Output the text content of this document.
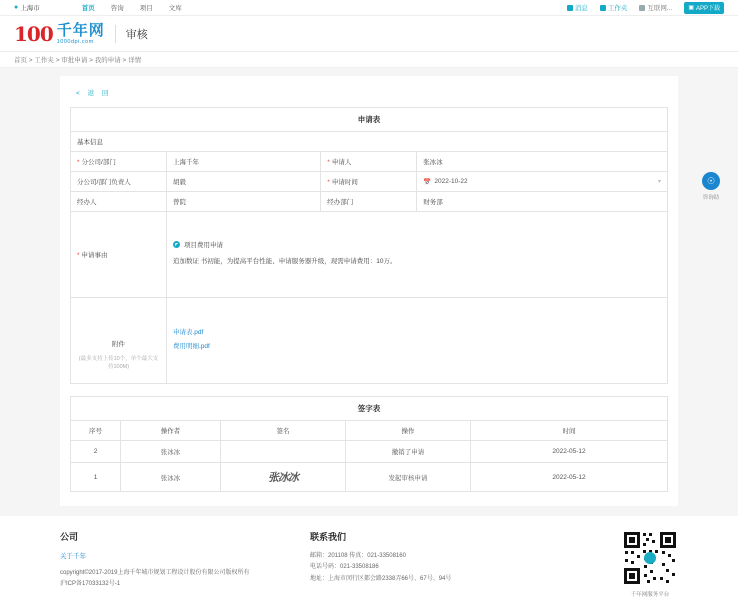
● 上海市	首页 咨询 项目 文库	消息	工作夹	互联网...	▣ APP下载
100 千年网
1000dpi.com
审核
首页 > 工作夹 > 审批申请 > 我的申请 > 详情
< 返 回
申请表			
基本信息			
* 分公司/部门	上海千年	* 申请人	张冰冰
分公司/部门负责人	胡毅	* 申请时间	📅 2022-10-22 ▾

经办人	曾院	经办部门	财务部
* 申请事由	项目费用申请
追加数证 书初能，为提高平台性能、申请服务器升级，现需申请费用：10万。		

附件
(最多支持上传10个，单个最大支持100M)

申请表.pdf
费用明细.pdf
签字表				
序号	操作者	签名	操作	时间
2	张冰冰		撤销了申请	2022-05-12
1	张冰冰	张冰冰	发起审核申请	2022-05-12
☉
咨询助
公司
关于千年
copyright©2017-2019上海千年城市规划工程设计股份有限公司版权所有
沪ICP备17033132号-1
联系我们
邮箱：201108 传真：021-33508160
电话号码：021-33508186
地址：上海市闵行区都会路2338弄66号、67号、94号
千年网服务平台
